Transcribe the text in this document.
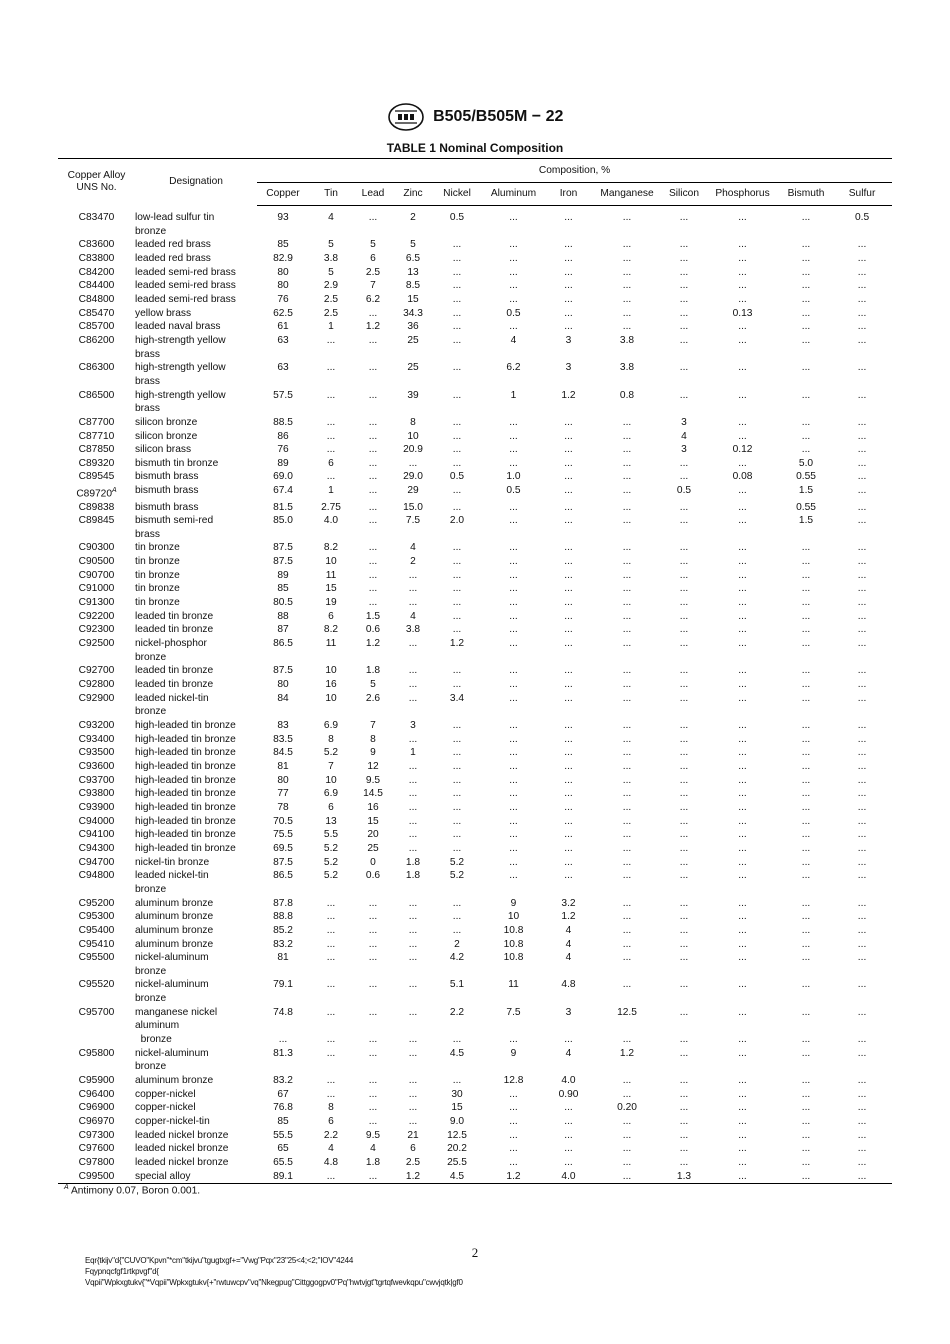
B505/B505M − 22
TABLE 1 Nominal Composition
Copper Alloy UNS No.	Designation	Composition, %											
		Copper	Tin	Lead	Zinc	Nickel	Aluminum	Iron	Manganese	Silicon	Phosphorus	Bismuth	Sulfur
C83470	low-lead sulfur tin	93	4	...	2	0.5	...	...	...	...	...	...	0.5
	bronze												
C83600	leaded red brass	85	5	5	5	...	...	...	...	...	...	...	...
C83800	leaded red brass	82.9	3.8	6	6.5	...	...	...	...	...	...	...	...
C84200	leaded semi-red brass	80	5	2.5	13	...	...	...	...	...	...	...	...
C84400	leaded semi-red brass	80	2.9	7	8.5	...	...	...	...	...	...	...	...
C84800	leaded semi-red brass	76	2.5	6.2	15	...	...	...	...	...	...	...	...
C85470	yellow brass	62.5	2.5	...	34.3	...	0.5	...	...	...	0.13	...	...
C85700	leaded naval brass	61	1	1.2	36	...	...	...	...	...	...	...	...
C86200	high-strength yellow	63	...	...	25	...	4	3	3.8	...	...	...	...
	brass												
C86300	high-strength yellow	63	...	...	25	...	6.2	3	3.8	...	...	...	...
	brass												
C86500	high-strength yellow	57.5	...	...	39	...	1	1.2	0.8	...	...	...	...
	brass												
C87700	silicon bronze	88.5	...	...	8	...	...	...	...	3	...	...	...
C87710	silicon bronze	86	...	...	10	...	...	...	...	4	...	...	...
C87850	silicon brass	76	...	...	20.9	...	...	...	...	3	0.12	...	...
C89320	bismuth tin bronze	89	6	...	...	...	...	...	...	...	...	5.0	...
C89545	bismuth brass	69.0	...	...	29.0	0.5	1.0	...	...	...	0.08	0.55	...
$C89720^A$	bismuth brass	67.4	1	...	29	...	0.5	...	...	0.5	...	1.5	...
C89838	bismuth brass	81.5	2.75	...	15.0	...	...	...	...	...	...	0.55	...
C89845	bismuth semi-red	85.0	4.0	...	7.5	2.0	...	...	...	...	...	1.5	...
	brass												
C90300	tin bronze	87.5	8.2	...	4	...	...	...	...	...	...	...	...
C90500	tin bronze	87.5	10	...	2	...	...	...	...	...	...	...	...
C90700	tin bronze	89	11	...	...	...	...	...	...	...	...	...	...
C91000	tin bronze	85	15	...	...	...	...	...	...	...	...	...	...
C91300	tin bronze	80.5	19	...	...	...	...	...	...	...	...	...	...
C92200	leaded tin bronze	88	6	1.5	4	...	...	...	...	...	...	...	...
C92300	leaded tin bronze	87	8.2	0.6	3.8	...	...	...	...	...	...	...	...
C92500	nickel-phosphor	86.5	11	1.2	...	1.2	...	...	...	...	...	...	...
	bronze												
C92700	leaded tin bronze	87.5	10	1.8	...	...	...	...	...	...	...	...	...
C92800	leaded tin bronze	80	16	5	...	...	...	...	...	...	...	...	...
C92900	leaded nickel-tin	84	10	2.6	...	3.4	...	...	...	...	...	...	...
	bronze												
C93200	high-leaded tin bronze	83	6.9	7	3	...	...	...	...	...	...	...	...
C93400	high-leaded tin bronze	83.5	8	8	...	...	...	...	...	...	...	...	...
C93500	high-leaded tin bronze	84.5	5.2	9	1	...	...	...	...	...	...	...	...
C93600	high-leaded tin bronze	81	7	12	...	...	...	...	...	...	...	...	...
C93700	high-leaded tin bronze	80	10	9.5	...	...	...	...	...	...	...	...	...
C93800	high-leaded tin bronze	77	6.9	14.5	...	...	...	...	...	...	...	...	...
C93900	high-leaded tin bronze	78	6	16	...	...	...	...	...	...	...	...	...
C94000	high-leaded tin bronze	70.5	13	15	...	...	...	...	...	...	...	...	...
C94100	high-leaded tin bronze	75.5	5.5	20	...	...	...	...	...	...	...	...	...
C94300	high-leaded tin bronze	69.5	5.2	25	...	...	...	...	...	...	...	...	...
C94700	nickel-tin bronze	87.5	5.2	0	1.8	5.2	...	...	...	...	...	...	...
C94800	leaded nickel-tin	86.5	5.2	0.6	1.8	5.2	...	...	...	...	...	...	...
	bronze												
C95200	aluminum bronze	87.8	...	...	...	...	9	3.2	...	...	...	...	...
C95300	aluminum bronze	88.8	...	...	...	...	10	1.2	...	...	...	...	...
C95400	aluminum bronze	85.2	...	...	...	...	10.8	4	...	...	...	...	...
C95410	aluminum bronze	83.2	...	...	...	2	10.8	4	...	...	...	...	...
C95500	nickel-aluminum	81	...	...	...	4.2	10.8	4	...	...	...	...	...
	bronze												
C95520	nickel-aluminum	79.1	...	...	...	5.1	11	4.8	...	...	...	...	...
	bronze												
C95700	manganese nickel	74.8	...	...	...	2.2	7.5	3	12.5	...	...	...	...
	aluminum												
	bronze	...	...	...	...	...	...	...	...	...	...	...	...
C95800	nickel-aluminum	81.3	...	...	...	4.5	9	4	1.2	...	...	...	...
	bronze												
C95900	aluminum bronze	83.2	...	...	...	...	12.8	4.0	...	...	...	...	...
C96400	copper-nickel	67	...	...	...	30	...	0.90	...	...	...	...	...
C96900	copper-nickel	76.8	8	...	...	15	...	...	0.20	...	...	...	...
C96970	copper-nickel-tin	85	6	...	...	9.0	...	...	...	...	...	...	...
C97300	leaded nickel bronze	55.5	2.2	9.5	21	12.5	...	...	...	...	...	...	...
C97600	leaded nickel bronze	65	4	4	6	20.2	...	...	...	...	...	...	...
C97800	leaded nickel bronze	65.5	4.8	1.8	2.5	25.5	...	...	...	...	...	...	...
C99500	special alloy	89.1	...	...	1.2	4.5	1.2	4.0	...	1.3	...	...	...
$^A$ Antimony 0.07, Boron 0.001.
2
Eqr{tkijv"d{"CUVO"Kpvn"*cm"tkijvu"tgugtxgf+="Vwg"Pqx"23"25<4;<2;"IOV"4244
Fqypnqcfgf1rtkpvgf"d{
Vqpii"Wpkxgtukv{"*Vqpii"Wpkxgtukv{+"rwtuwcpv"vq"Nkegpug"Cittggogpv0"Pq"hwtvjgt"tgrtqfwevkqpu"cwvjqtk|gf0
